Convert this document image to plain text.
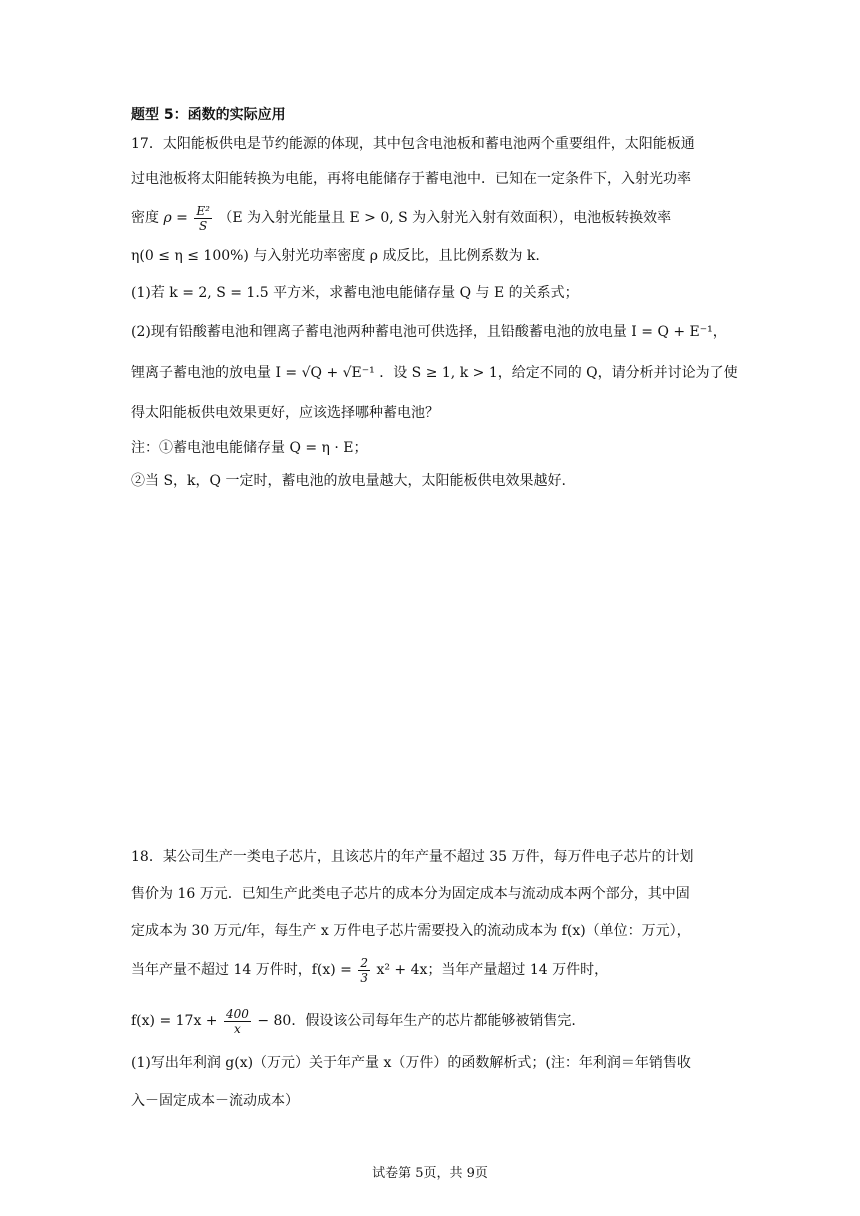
题型 5：函数的实际应用
17．太阳能板供电是节约能源的体现，其中包含电池板和蓄电池两个重要组件，太阳能板通
过电池板将太阳能转换为电能，再将电能储存于蓄电池中．已知在一定条件下，入射光功率
密度 $\rho = \frac{\text{E²}}{S} (E$ 为入射光能量且 E > 0, S 为入射光入射有效面积），电池板转换效率
η(0 ≤ η ≤ 100%) 与入射光功率密度 ρ 成反比，且比例系数为 k.
(1)若 k = 2, S = 1.5 平方米，求蓄电池电能储存量 Q 与 E 的关系式；
(2)现有铅酸蓄电池和锂离子蓄电池两种蓄电池可供选择，且铅酸蓄电池的放电量 I = Q + E⁻¹，
锂离子蓄电池的放电量 I = √Q + √E⁻¹ ．设 S ≥ 1, k > 1，给定不同的 Q，请分析并讨论为了使
得太阳能板供电效果更好，应该选择哪种蓄电池？
注：①蓄电池电能储存量 Q = η · E；
②当 S，k，Q 一定时，蓄电池的放电量越大，太阳能板供电效果越好.
18．某公司生产一类电子芯片，且该芯片的年产量不超过 35 万件，每万件电子芯片的计划
售价为 16 万元．已知生产此类电子芯片的成本分为固定成本与流动成本两个部分，其中固
定成本为 30 万元/年，每生产 x 万件电子芯片需要投入的流动成本为 f(x)（单位：万元），
当年产量不超过 14 万件时，$f(x) = \frac{2}{3} x^2 + 4x$；当年产量超过 14 万件时，
$f(x) = 17x + \frac{400}{x} - 80$．假设该公司每年生产的芯片都能够被销售完.
(1)写出年利润 g(x)（万元）关于年产量 x（万件）的函数解析式；(注：年利润＝年销售收
入－固定成本－流动成本）
试卷第 5页，共 9页
